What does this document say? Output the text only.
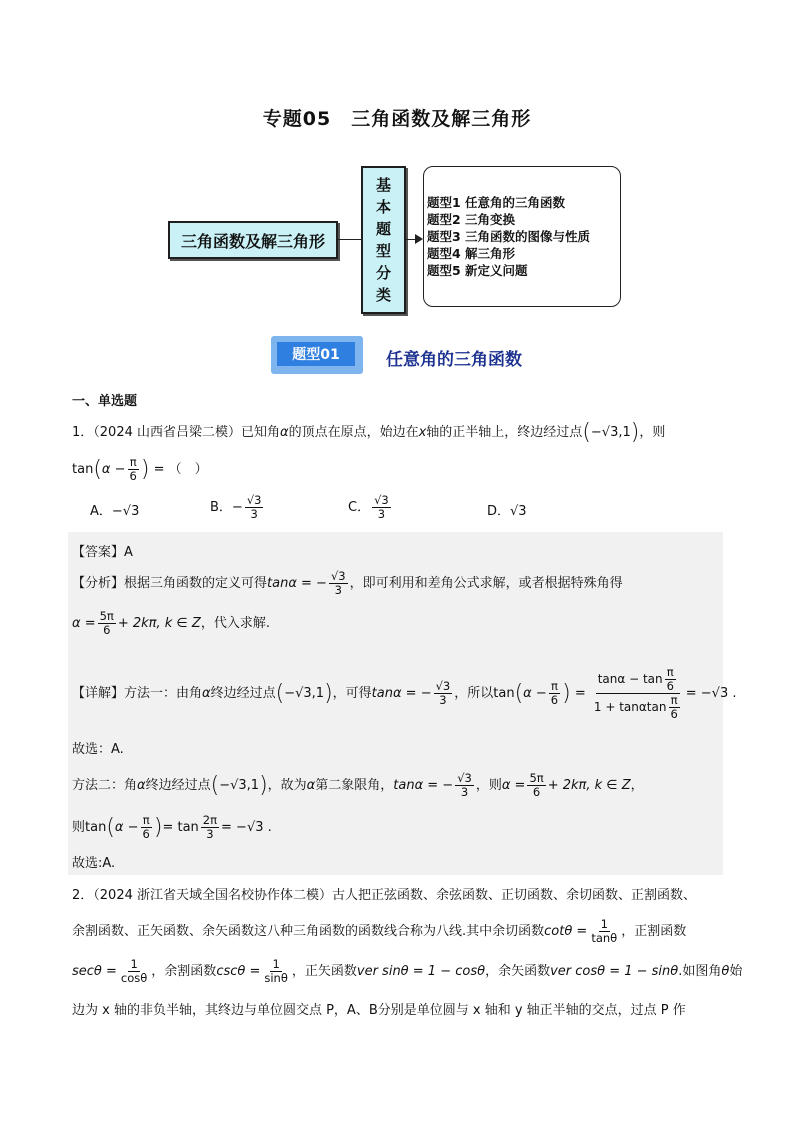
专题05　三角函数及解三角形
三角函数及解三角形
基
本
题
型
分
类
题型1 任意角的三角函数
题型2 三角变换
题型3 三角函数的图像与性质
题型4 解三角形
题型5 新定义问题
题型01	任意角的三角函数
一、单选题
1．（2024 山西省吕梁二模）已知角α的顶点在原点，始边在x轴的正半轴上，终边经过点(−√3,1)，则
$\tan(\alpha - \frac{\pi}{6}$ ) = （　）
A．−√3	B．− $\frac{√3}{3}$	C． $\frac{√3}{3}$	D．√3
【答案】A
【分析】根据三角函数的定义可得tanα = − $\frac{√3}{3}$ ，即可利用和差角公式求解，或者根据特殊角得
$\alpha = \frac{5\pi}{6} + 2k\pi$, k ∈ Z，代入求解.
【详解】方法一：由角α终边经过点(−√3,1)，可得tanα = − $\frac{√3}{3}$ ，所以$\tan(\alpha - \frac{\pi}{6}$ ) = $\frac{\tan\alpha - \tan \frac{\pi}{6}}{1 + \tan\alpha\tan \frac{\pi}{6}} = -√3$ .
故选：A.
方法二：角α终边经过点(−√3,1)，故为α第二象限角，tanα = − $\frac{√3}{3}$ ，则$\alpha = \frac{5\pi}{6} + 2k\pi$, k ∈ Z，
则$\tan(\alpha - \frac{\pi}{6}$ )= $\tan \frac{2\pi}{3} = -√3$ .
故选:A.
2．（2024 浙江省天域全国名校协作体二模）古人把正弦函数、余弦函数、正切函数、余切函数、正割函数、
余割函数、正矢函数、余矢函数这八种三角函数的函数线合称为八线.其中余切函数$\cot\theta = \frac{1}{\tan\theta}$ ，正割函数
$\sec\theta = \frac{1}{\cos\theta}$ ，余割函数$\csc\theta = \frac{1}{\sin\theta}$ ，正矢函数ver sinθ = 1 − cosθ，余矢函数ver cosθ = 1 − sinθ.如图角θ始
边为 x 轴的非负半轴，其终边与单位圆交点 P，A、B分别是单位圆与 x 轴和 y 轴正半轴的交点，过点 P 作
